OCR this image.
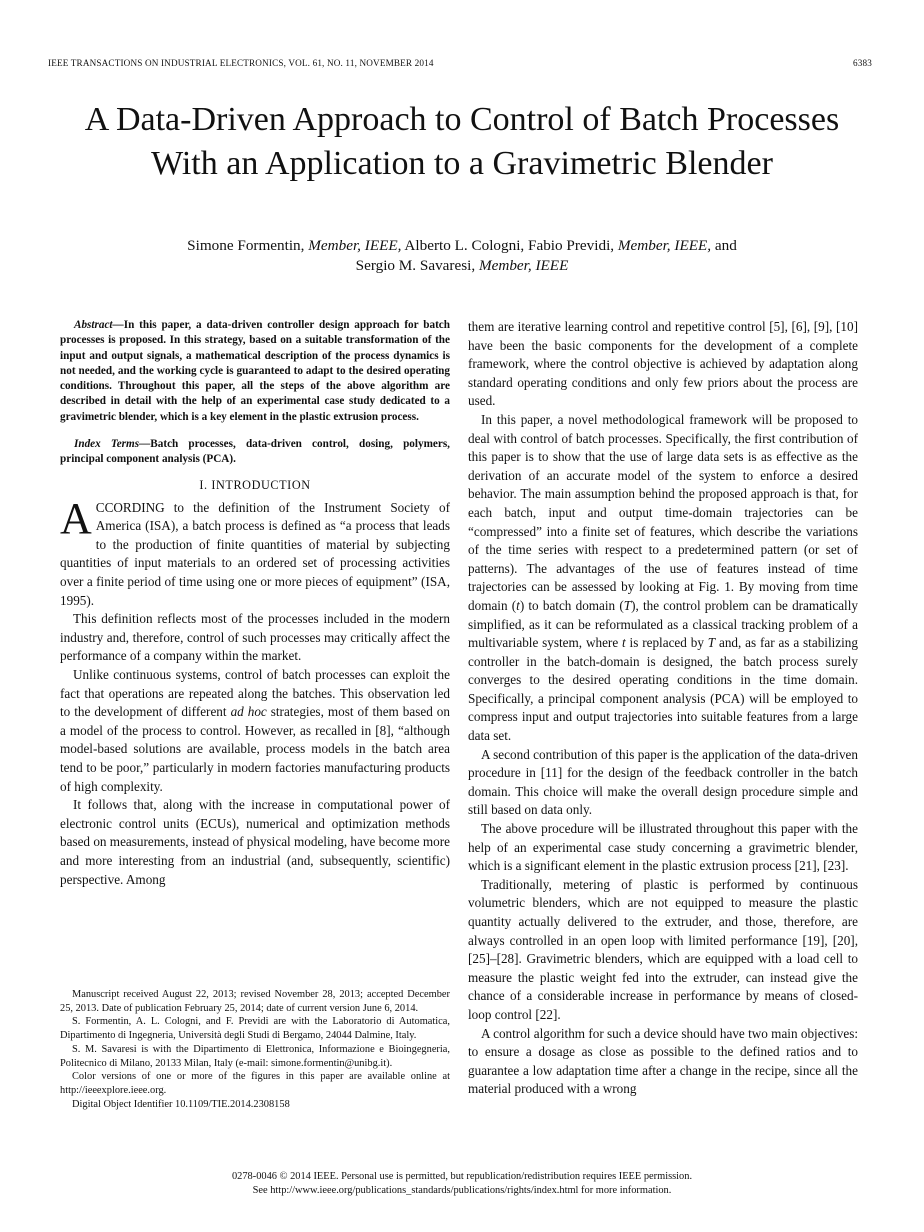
IEEE TRANSACTIONS ON INDUSTRIAL ELECTRONICS, VOL. 61, NO. 11, NOVEMBER 2014	6383
A Data-Driven Approach to Control of Batch Processes With an Application to a Gravimetric Blender
Simone Formentin, Member, IEEE, Alberto L. Cologni, Fabio Previdi, Member, IEEE, and
Sergio M. Savaresi, Member, IEEE

Abstract—In this paper, a data-driven controller design approach for batch processes is proposed. In this strategy, based on a suitable transformation of the input and output signals, a mathematical description of the process dynamics is not needed, and the working cycle is guaranteed to adapt to the desired operating conditions. Throughout this paper, all the steps of the above algorithm are described in detail with the help of an experimental case study dedicated to a gravimetric blender, which is a key element in the plastic extrusion process.

Index Terms—Batch processes, data-driven control, dosing, polymers, principal component analysis (PCA).

I. INTRODUCTION

ACCORDING to the definition of the Instrument Society of America (ISA), a batch process is defined as “a process that leads to the production of finite quantities of material by subjecting quantities of input materials to an ordered set of processing activities over a finite period of time using one or more pieces of equipment” (ISA, 1995).

This definition reflects most of the processes included in the modern industry and, therefore, control of such processes may critically affect the performance of a company within the market.

Unlike continuous systems, control of batch processes can exploit the fact that operations are repeated along the batches. This observation led to the development of different ad hoc strategies, most of them based on a model of the process to control. However, as recalled in [8], “although model-based solutions are available, process models in the batch area tend to be poor,” particularly in modern factories manufacturing products of high complexity.

It follows that, along with the increase in computational power of electronic control units (ECUs), numerical and optimization methods based on measurements, instead of physical modeling, have become more and more interesting from an industrial (and, subsequently, scientific) perspective. Among

Manuscript received August 22, 2013; revised November 28, 2013; accepted December 25, 2013. Date of publication February 25, 2014; date of current version June 6, 2014.

S. Formentin, A. L. Cologni, and F. Previdi are with the Laboratorio di Automatica, Dipartimento di Ingegneria, Università degli Studi di Bergamo, 24044 Dalmine, Italy.

S. M. Savaresi is with the Dipartimento di Elettronica, Informazione e Bioingegneria, Politecnico di Milano, 20133 Milan, Italy (e-mail: simone.formentin@unibg.it).

Color versions of one or more of the figures in this paper are available online at http://ieeexplore.ieee.org.

Digital Object Identifier 10.1109/TIE.2014.2308158

them are iterative learning control and repetitive control [5], [6], [9], [10] have been the basic components for the development of a complete framework, where the control objective is achieved by adaptation along standard operating conditions and only few priors about the process are used.

In this paper, a novel methodological framework will be proposed to deal with control of batch processes. Specifically, the first contribution of this paper is to show that the use of large data sets is as effective as the derivation of an accurate model of the system to enforce a desired behavior. The main assumption behind the proposed approach is that, for each batch, input and output time-domain trajectories can be “compressed” into a finite set of features, which describe the variations of the time series with respect to a predetermined pattern (or set of patterns). The advantages of the use of features instead of time trajectories can be assessed by looking at Fig. 1. By moving from time domain (t) to batch domain (T), the control problem can be dramatically simplified, as it can be reformulated as a classical tracking problem of a multivariable system, where t is replaced by T and, as far as a stabilizing controller in the batch-domain is designed, the batch process surely converges to the desired operating conditions in the time domain. Specifically, a principal component analysis (PCA) will be employed to compress input and output trajectories into suitable features from a large data set.

A second contribution of this paper is the application of the data-driven procedure in [11] for the design of the feedback controller in the batch domain. This choice will make the overall design procedure simple and still based on data only.

The above procedure will be illustrated throughout this paper with the help of an experimental case study concerning a gravimetric blender, which is a significant element in the plastic extrusion process [21], [23].

Traditionally, metering of plastic is performed by continuous volumetric blenders, which are not equipped to measure the plastic quantity actually delivered to the extruder, and those, therefore, are always controlled in an open loop with limited performance [19], [20], [25]–[28]. Gravimetric blenders, which are equipped with a load cell to measure the plastic weight fed into the extruder, can instead give the chance of a considerable increase in performance by means of closed-loop control [22].

A control algorithm for such a device should have two main objectives: to ensure a dosage as close as possible to the defined ratios and to guarantee a low adaptation time after a change in the recipe, since all the material produced with a wrong

0278-0046 © 2014 IEEE. Personal use is permitted, but republication/redistribution requires IEEE permission.
See http://www.ieee.org/publications_standards/publications/rights/index.html for more information.
